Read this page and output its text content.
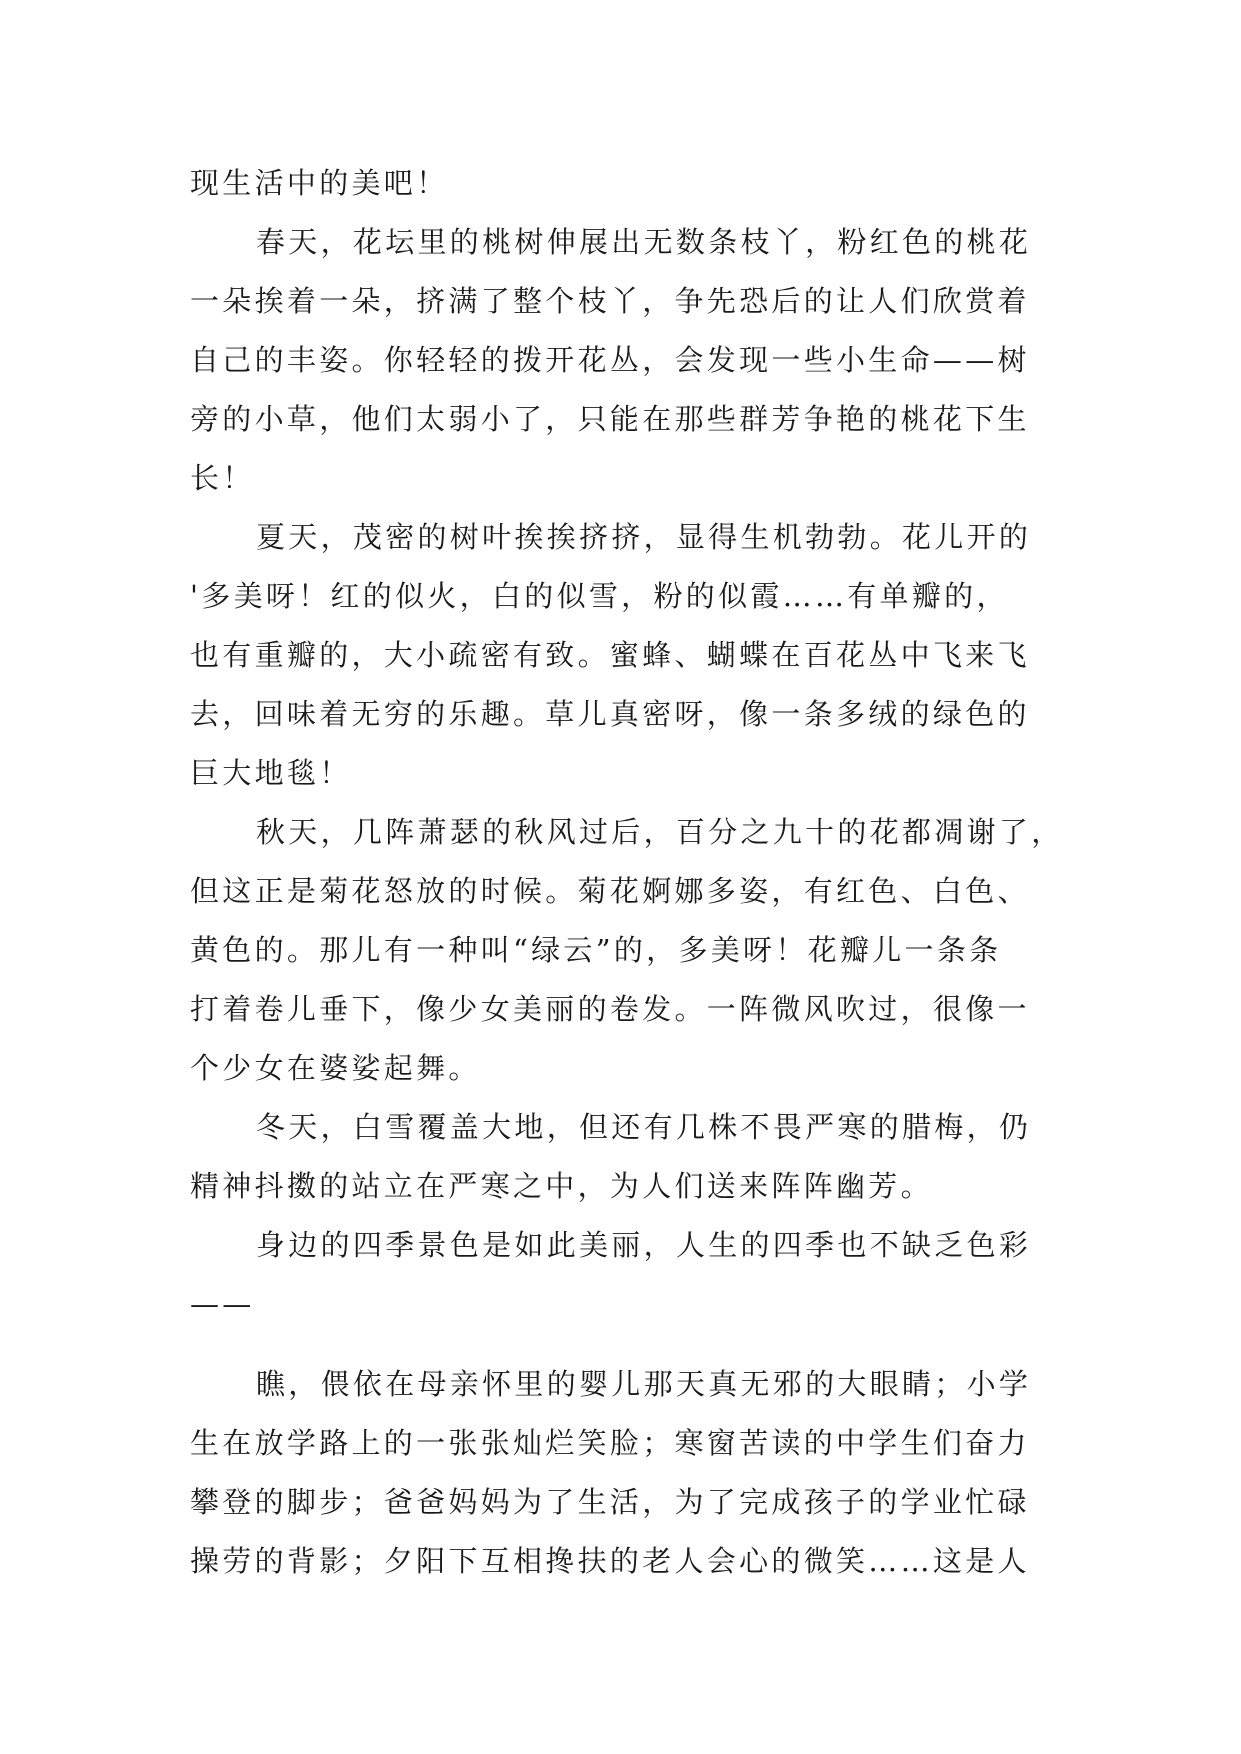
现生活中的美吧！
春天，花坛里的桃树伸展出无数条枝丫，粉红色的桃花
一朵挨着一朵，挤满了整个枝丫，争先恐后的让人们欣赏着
自己的丰姿。你轻轻的拨开花丛，会发现一些小生命——树
旁的小草，他们太弱小了，只能在那些群芳争艳的桃花下生
长！
夏天，茂密的树叶挨挨挤挤，显得生机勃勃。花儿开的
'多美呀！红的似火，白的似雪，粉的似霞……有单瓣的，
也有重瓣的，大小疏密有致。蜜蜂、蝴蝶在百花丛中飞来飞
去，回味着无穷的乐趣。草儿真密呀，像一条多绒的绿色的
巨大地毯！
秋天，几阵萧瑟的秋风过后，百分之九十的花都凋谢了，
但这正是菊花怒放的时候。菊花婀娜多姿，有红色、白色、
黄色的。那儿有一种叫“绿云”的，多美呀！花瓣儿一条条
打着卷儿垂下，像少女美丽的卷发。一阵微风吹过，很像一
个少女在婆娑起舞。
冬天，白雪覆盖大地，但还有几株不畏严寒的腊梅，仍
精神抖擞的站立在严寒之中，为人们送来阵阵幽芳。
身边的四季景色是如此美丽，人生的四季也不缺乏色彩
——
瞧，偎依在母亲怀里的婴儿那天真无邪的大眼睛；小学
生在放学路上的一张张灿烂笑脸；寒窗苦读的中学生们奋力
攀登的脚步；爸爸妈妈为了生活，为了完成孩子的学业忙碌
操劳的背影；夕阳下互相搀扶的老人会心的微笑……这是人
